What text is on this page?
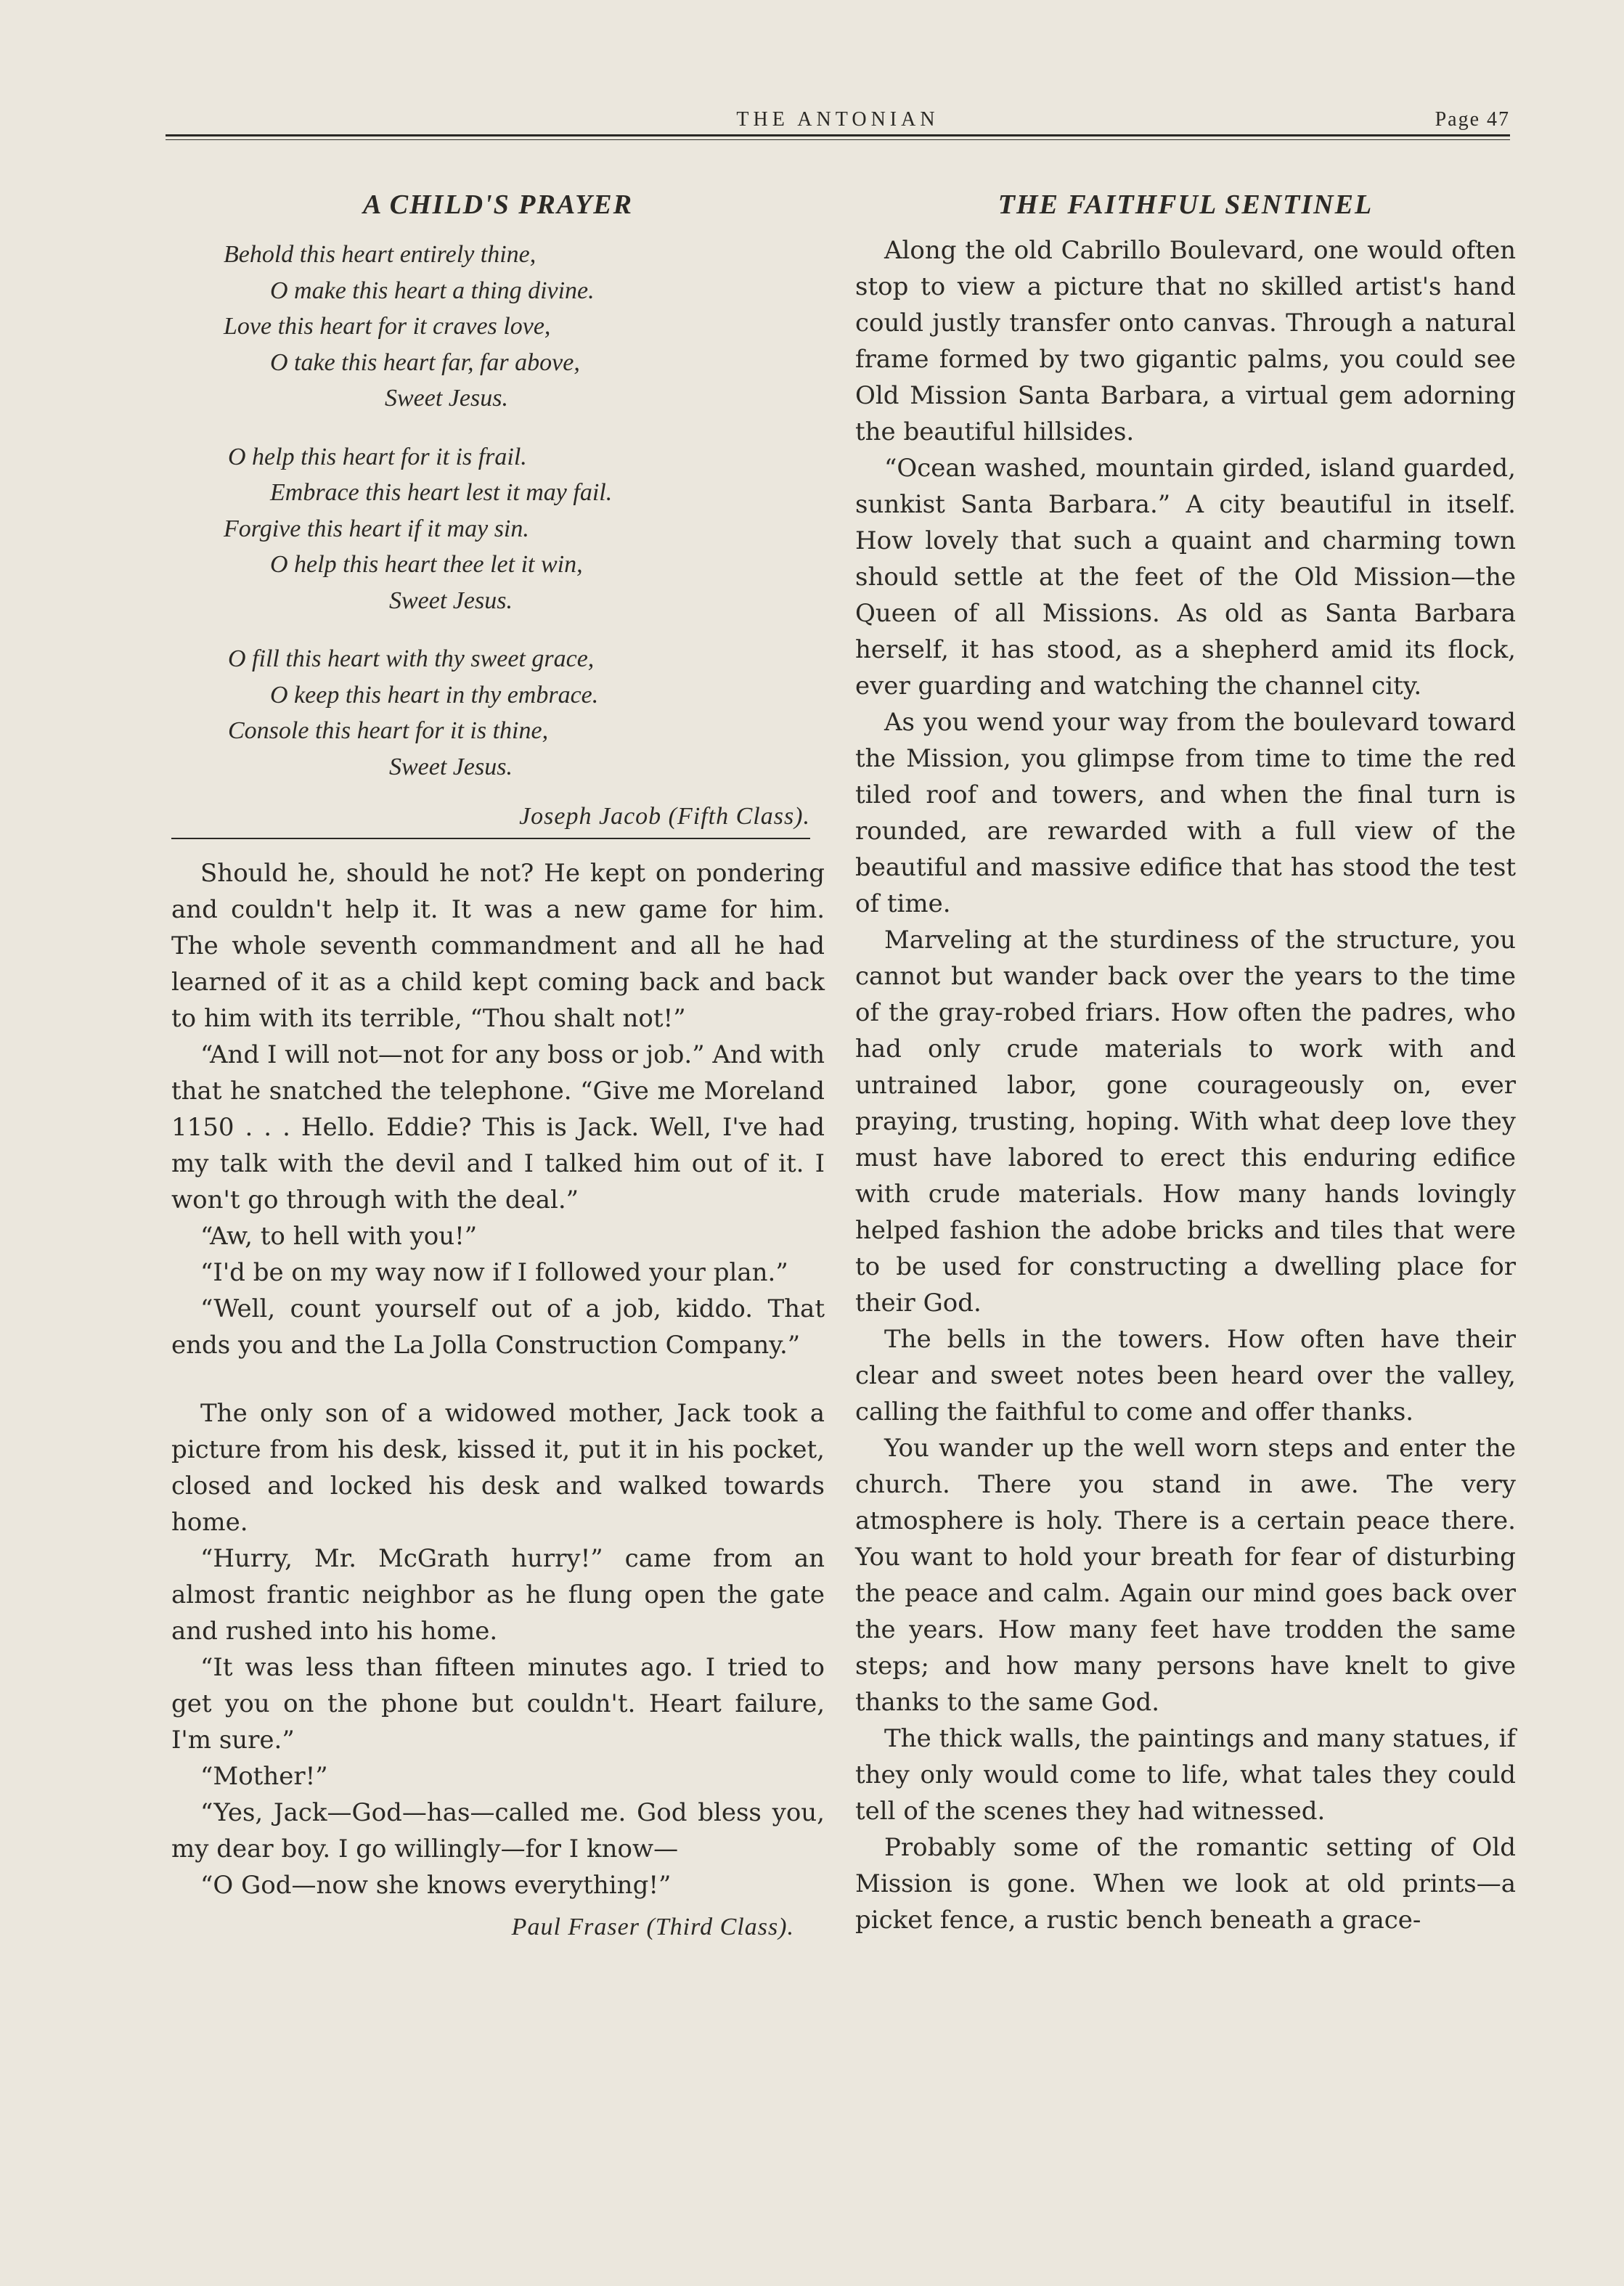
THE ANTONIAN	Page 47
A CHILD'S PRAYER
Behold this heart entirely thine,
O make this heart a thing divine.
Love this heart for it craves love,
O take this heart far, far above,
Sweet Jesus.
O help this heart for it is frail.
Embrace this heart lest it may fail.
Forgive this heart if it may sin.
O help this heart thee let it win,
Sweet Jesus.
O fill this heart with thy sweet grace,
O keep this heart in thy embrace.
Console this heart for it is thine,
Sweet Jesus.
Joseph Jacob (Fifth Class).

Should he, should he not? He kept on pondering and couldn't help it. It was a new game for him. The whole seventh commandment and all he had learned of it as a child kept coming back and back to him with its terrible, “Thou shalt not!”

“And I will not—not for any boss or job.” And with that he snatched the telephone. “Give me Moreland 1150 . . . Hello. Eddie? This is Jack. Well, I've had my talk with the devil and I talked him out of it. I won't go through with the deal.”

“Aw, to hell with you!”

“I'd be on my way now if I followed your plan.”

“Well, count yourself out of a job, kiddo. That ends you and the La Jolla Construction Company.”

The only son of a widowed mother, Jack took a picture from his desk, kissed it, put it in his pocket, closed and locked his desk and walked towards home.

“Hurry, Mr. McGrath hurry!” came from an almost frantic neighbor as he flung open the gate and rushed into his home.

“It was less than fifteen minutes ago. I tried to get you on the phone but couldn't. Heart failure, I'm sure.”

“Mother!”

“Yes, Jack—God—has—called me. God bless you, my dear boy. I go willingly—for I know—

“O God—now she knows everything!”

Paul Fraser (Third Class).
THE FAITHFUL SENTINEL

Along the old Cabrillo Boulevard, one would often stop to view a picture that no skilled artist's hand could justly transfer onto canvas. Through a natural frame formed by two gigantic palms, you could see Old Mission Santa Barbara, a virtual gem adorning the beautiful hillsides.

“Ocean washed, mountain girded, island guarded, sunkist Santa Barbara.” A city beautiful in itself. How lovely that such a quaint and charming town should settle at the feet of the Old Mission—the Queen of all Missions. As old as Santa Barbara herself, it has stood, as a shepherd amid its flock, ever guarding and watching the channel city.

As you wend your way from the boulevard toward the Mission, you glimpse from time to time the red tiled roof and towers, and when the final turn is rounded, are rewarded with a full view of the beautiful and massive edifice that has stood the test of time.

Marveling at the sturdiness of the structure, you cannot but wander back over the years to the time of the gray-robed friars. How often the padres, who had only crude materials to work with and untrained labor, gone courageously on, ever praying, trusting, hoping. With what deep love they must have labored to erect this enduring edifice with crude materials. How many hands lovingly helped fashion the adobe bricks and tiles that were to be used for constructing a dwelling place for their God.

The bells in the towers. How often have their clear and sweet notes been heard over the valley, calling the faithful to come and offer thanks.

You wander up the well worn steps and enter the church. There you stand in awe. The very atmosphere is holy. There is a certain peace there. You want to hold your breath for fear of disturbing the peace and calm. Again our mind goes back over the years. How many feet have trodden the same steps; and how many persons have knelt to give thanks to the same God.

The thick walls, the paintings and many statues, if they only would come to life, what tales they could tell of the scenes they had witnessed.

Probably some of the romantic setting of Old Mission is gone. When we look at old prints—a picket fence, a rustic bench beneath a grace-
